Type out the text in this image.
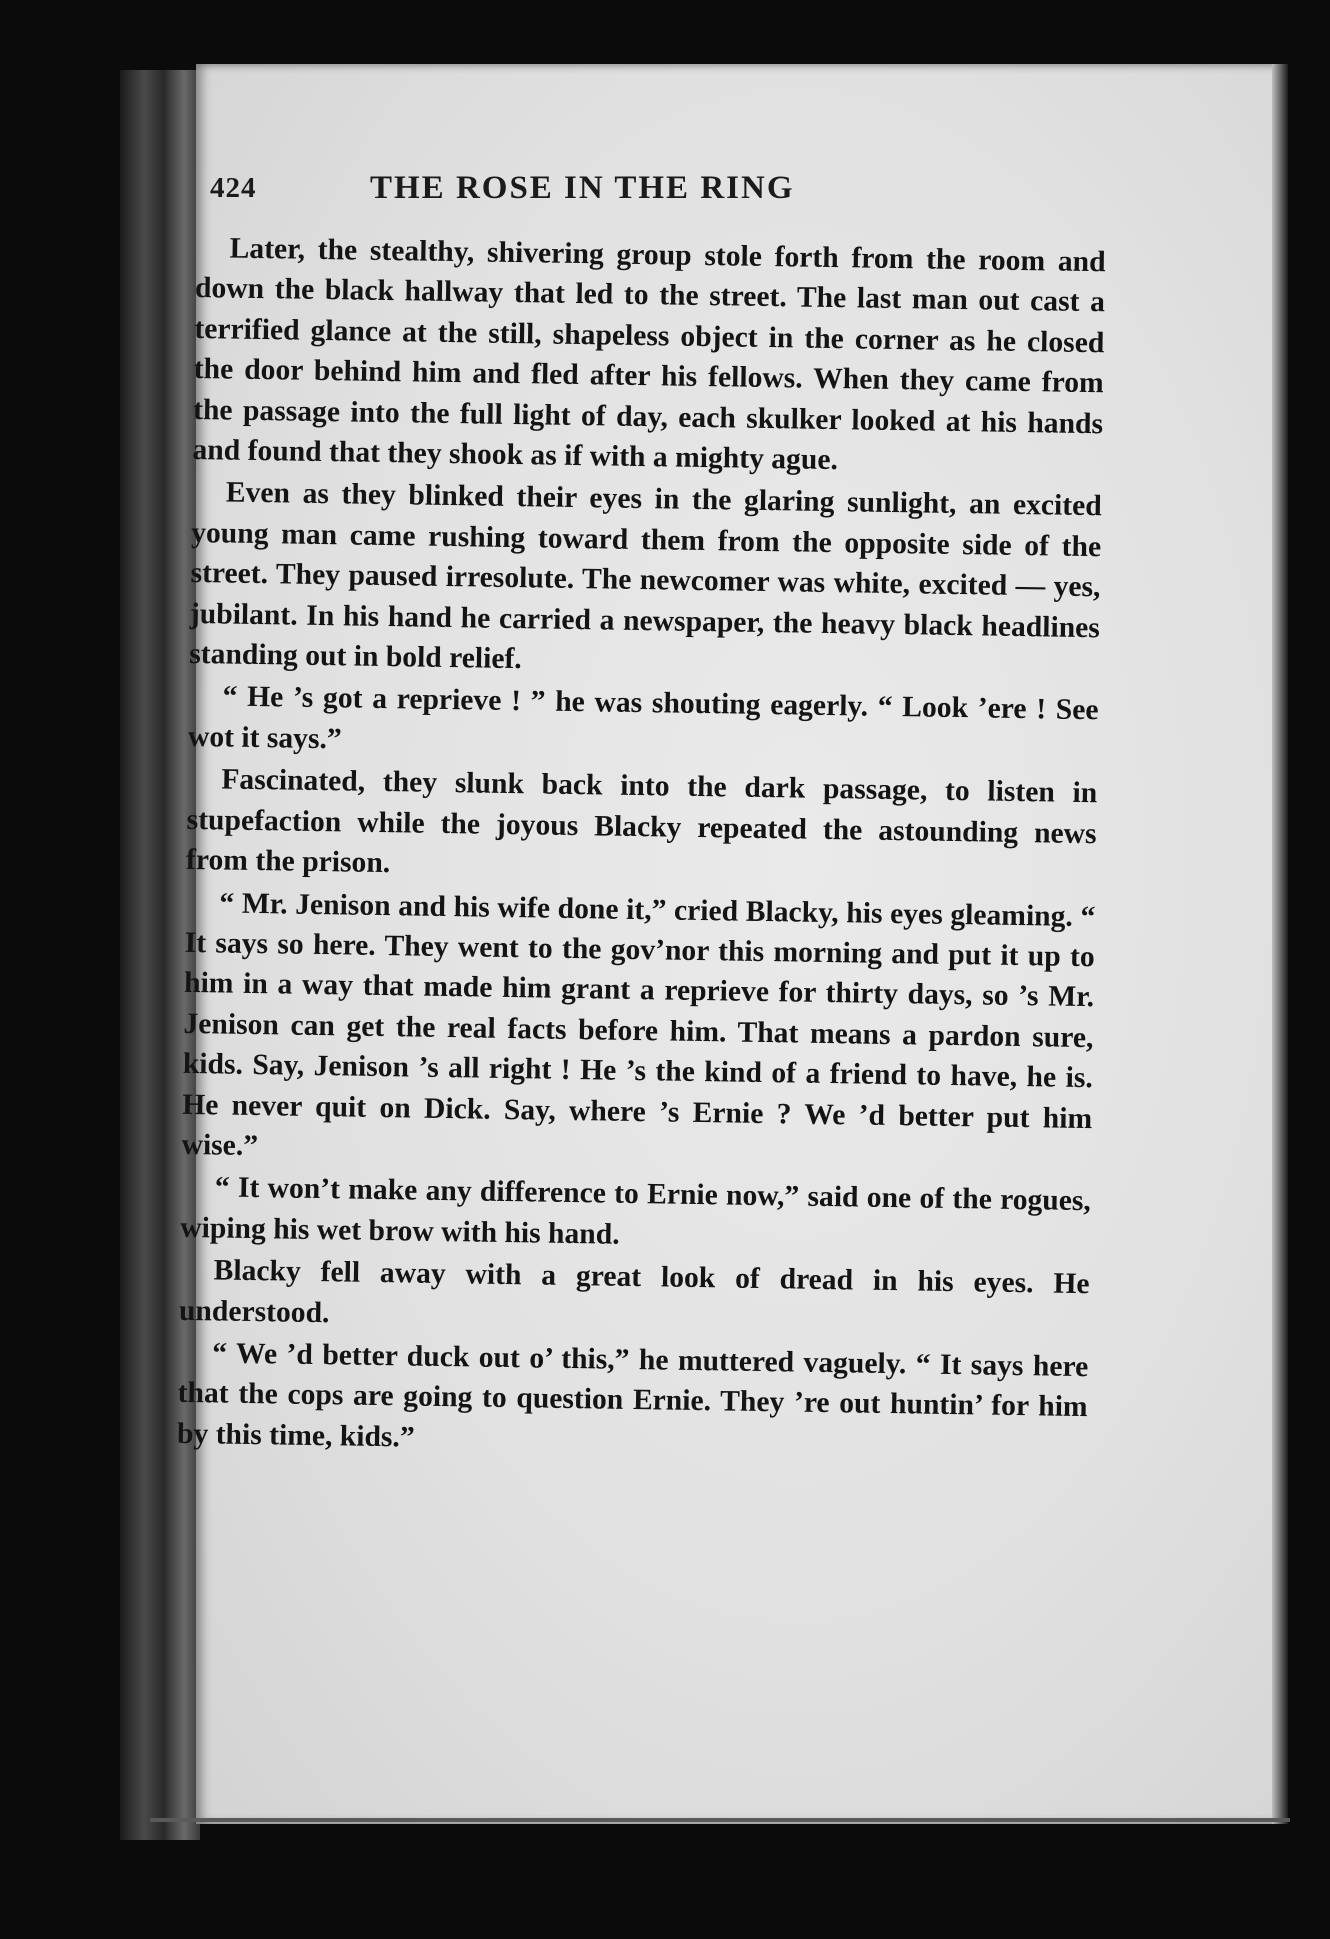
424	THE ROSE IN THE RING

Later, the stealthy, shivering group stole forth from the room and down the black hallway that led to the street. The last man out cast a terrified glance at the still, shapeless object in the corner as he closed the door behind him and fled after his fellows. When they came from the passage into the full light of day, each skulker looked at his hands and found that they shook as if with a mighty ague.

Even as they blinked their eyes in the glaring sunlight, an excited young man came rushing toward them from the opposite side of the street. They paused irresolute. The newcomer was white, excited — yes, jubilant. In his hand he carried a newspaper, the heavy black headlines standing out in bold relief.

“ He ’s got a reprieve ! ” he was shouting eagerly. “ Look ’ere ! See wot it says.”

Fascinated, they slunk back into the dark passage, to listen in stupefaction while the joyous Blacky repeated the astounding news from the prison.

“ Mr. Jenison and his wife done it,” cried Blacky, his eyes gleaming. “ It says so here. They went to the gov’nor this morning and put it up to him in a way that made him grant a reprieve for thirty days, so ’s Mr. Jenison can get the real facts before him. That means a pardon sure, kids. Say, Jenison ’s all right ! He ’s the kind of a friend to have, he is. He never quit on Dick. Say, where ’s Ernie ? We ’d better put him wise.”

“ It won’t make any difference to Ernie now,” said one of the rogues, wiping his wet brow with his hand.

Blacky fell away with a great look of dread in his eyes. He understood.

“ We ’d better duck out o’ this,” he muttered vaguely. “ It says here that the cops are going to question Ernie. They ’re out huntin’ for him by this time, kids.”
